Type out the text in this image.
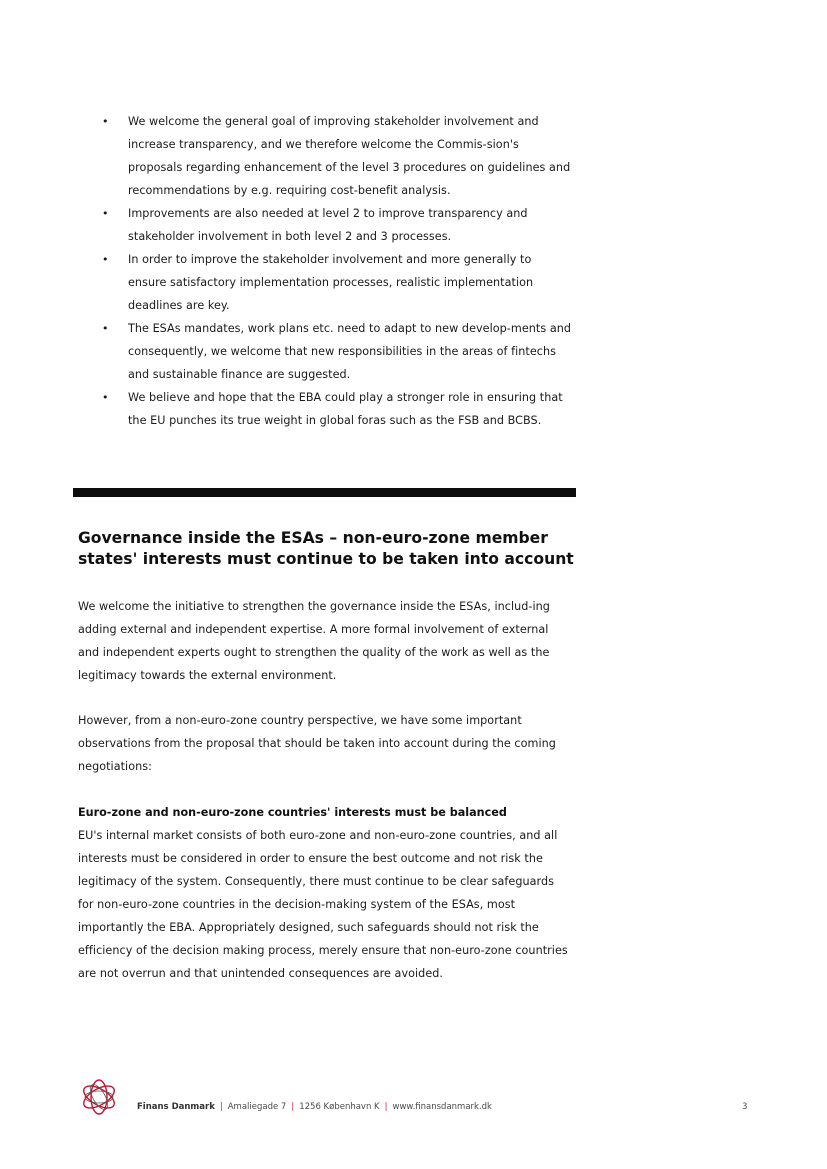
• We welcome the general goal of improving stakeholder involvement and increase transparency, and we therefore welcome the Commis-sion's proposals regarding enhancement of the level 3 procedures on guidelines and recommendations by e.g. requiring cost-benefit analysis.
• Improvements are also needed at level 2 to improve transparency and stakeholder involvement in both level 2 and 3 processes.
• In order to improve the stakeholder involvement and more generally to ensure satisfactory implementation processes, realistic implementation deadlines are key.
• The ESAs mandates, work plans etc. need to adapt to new develop-ments and consequently, we welcome that new responsibilities in the areas of fintechs and sustainable finance are suggested.
• We believe and hope that the EBA could play a stronger role in ensuring that the EU punches its true weight in global foras such as the FSB and BCBS.
Governance inside the ESAs – non-euro-zone member states' interests must continue to be taken into account

We welcome the initiative to strengthen the governance inside the ESAs, includ-ing adding external and independent expertise. A more formal involvement of external and independent experts ought to strengthen the quality of the work as well as the legitimacy towards the external environment.

However, from a non-euro-zone country perspective, we have some important observations from the proposal that should be taken into account during the coming negotiations:

Euro-zone and non-euro-zone countries' interests must be balanced

EU's internal market consists of both euro-zone and non-euro-zone countries, and all interests must be considered in order to ensure the best outcome and not risk the legitimacy of the system. Consequently, there must continue to be clear safeguards for non-euro-zone countries in the decision-making system of the ESAs, most importantly the EBA. Appropriately designed, such safeguards should not risk the efficiency of the decision making process, merely ensure that non-euro-zone countries are not overrun and that unintended consequences are avoided.

Finans Danmark | Amaliegade 7 | 1256 København K | www.finansdanmark.dk	3
